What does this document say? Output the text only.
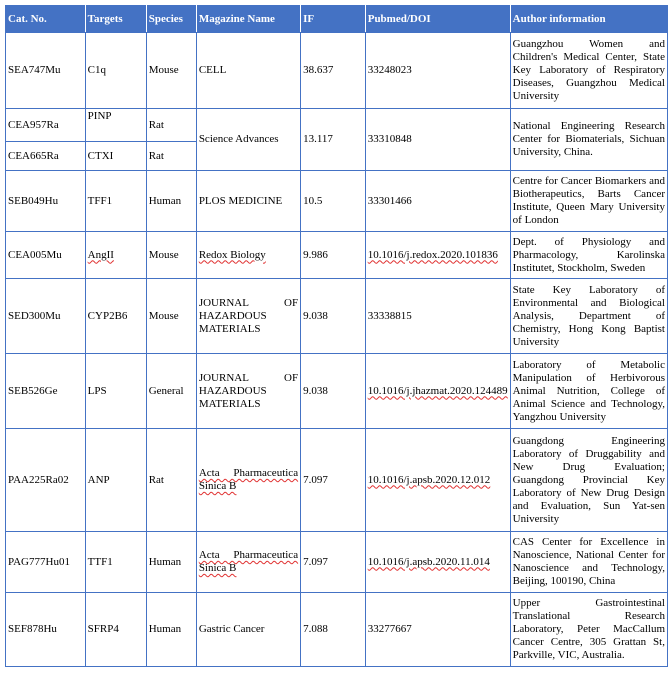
Cat. No.	Targets	Species	Magazine Name	IF	Pubmed/DOI	Author information
SEA747Mu	C1q	Mouse	CELL	38.637	33248023	Guangzhou Women and Children's Medical Center, State Key Laboratory of Respiratory Diseases, Guangzhou Medical University
CEA957Ra	PINP	Rat	Science Advances	13.117	33310848	National Engineering Research Center for Biomaterials, Sichuan University, China.
CEA665Ra	CTXI	Rat				
SEB049Hu	TFF1	Human	PLOS MEDICINE	10.5	33301466	Centre for Cancer Biomarkers and Biotherapeutics, Barts Cancer Institute, Queen Mary University of London
CEA005Mu	AngII	Mouse	Redox Biology	9.986	10.1016/j.redox.2020.101836	Dept. of Physiology and Pharmacology, Karolinska Institutet, Stockholm, Sweden
SED300Mu	CYP2B6	Mouse	JOURNAL OF HAZARDOUS MATERIALS	9.038	33338815	State Key Laboratory of Environmental and Biological Analysis, Department of Chemistry, Hong Kong Baptist University
SEB526Ge	LPS	General	JOURNAL OF HAZARDOUS MATERIALS	9.038	10.1016/j.jhazmat.2020.124489	Laboratory of Metabolic Manipulation of Herbivorous Animal Nutrition, College of Animal Science and Technology, Yangzhou University
PAA225Ra02	ANP	Rat	Acta Pharmaceutica Sinica B	7.097	10.1016/j.apsb.2020.12.012	Guangdong Engineering Laboratory of Druggability and New Drug Evaluation; Guangdong Provincial Key Laboratory of New Drug Design and Evaluation, Sun Yat-sen University
PAG777Hu01	TTF1	Human	Acta Pharmaceutica Sinica B	7.097	10.1016/j.apsb.2020.11.014	CAS Center for Excellence in Nanoscience, National Center for Nanoscience and Technology, Beijing, 100190, China
SEF878Hu	SFRP4	Human	Gastric Cancer	7.088	33277667	Upper Gastrointestinal Translational Research Laboratory, Peter MacCallum Cancer Centre, 305 Grattan St, Parkville, VIC, Australia.
